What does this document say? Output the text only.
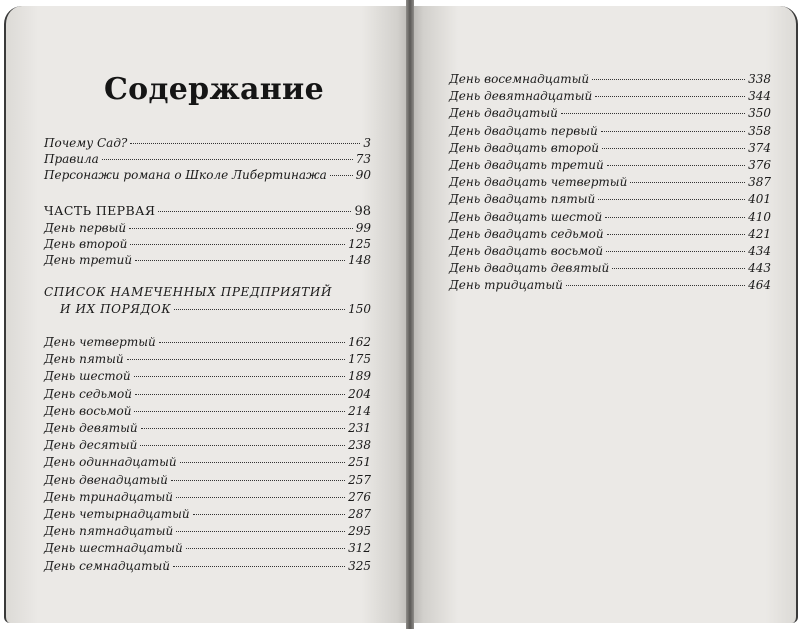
Содержание
Почему Сад?	3
Правила	73
Персонажи романа о Школе Либертинажа 90
ЧАСТЬ ПЕРВАЯ	98
День первый	99
День второй	125
День третий	148
СПИСОК НАМЕЧЕННЫХ ПРЕДПРИЯТИЙ
И ИХ ПОРЯДОК	150
День четвертый	162
День пятый	175
День шестой	189
День седьмой	204
День восьмой	214
День девятый	231
День десятый	238
День одиннадцатый	251
День двенадцатый	257
День тринадцатый	276
День четырнадцатый	287
День пятнадцатый	295
День шестнадцатый	312
День семнадцатый	325
День восемнадцатый	338
День девятнадцатый	344
День двадцатый	350
День двадцать первый	358
День двадцать второй	374
День двадцать третий	376
День двадцать четвертый	387
День двадцать пятый	401
День двадцать шестой	410
День двадцать седьмой	421
День двадцать восьмой	434
День двадцать девятый	443
День тридцатый	464
